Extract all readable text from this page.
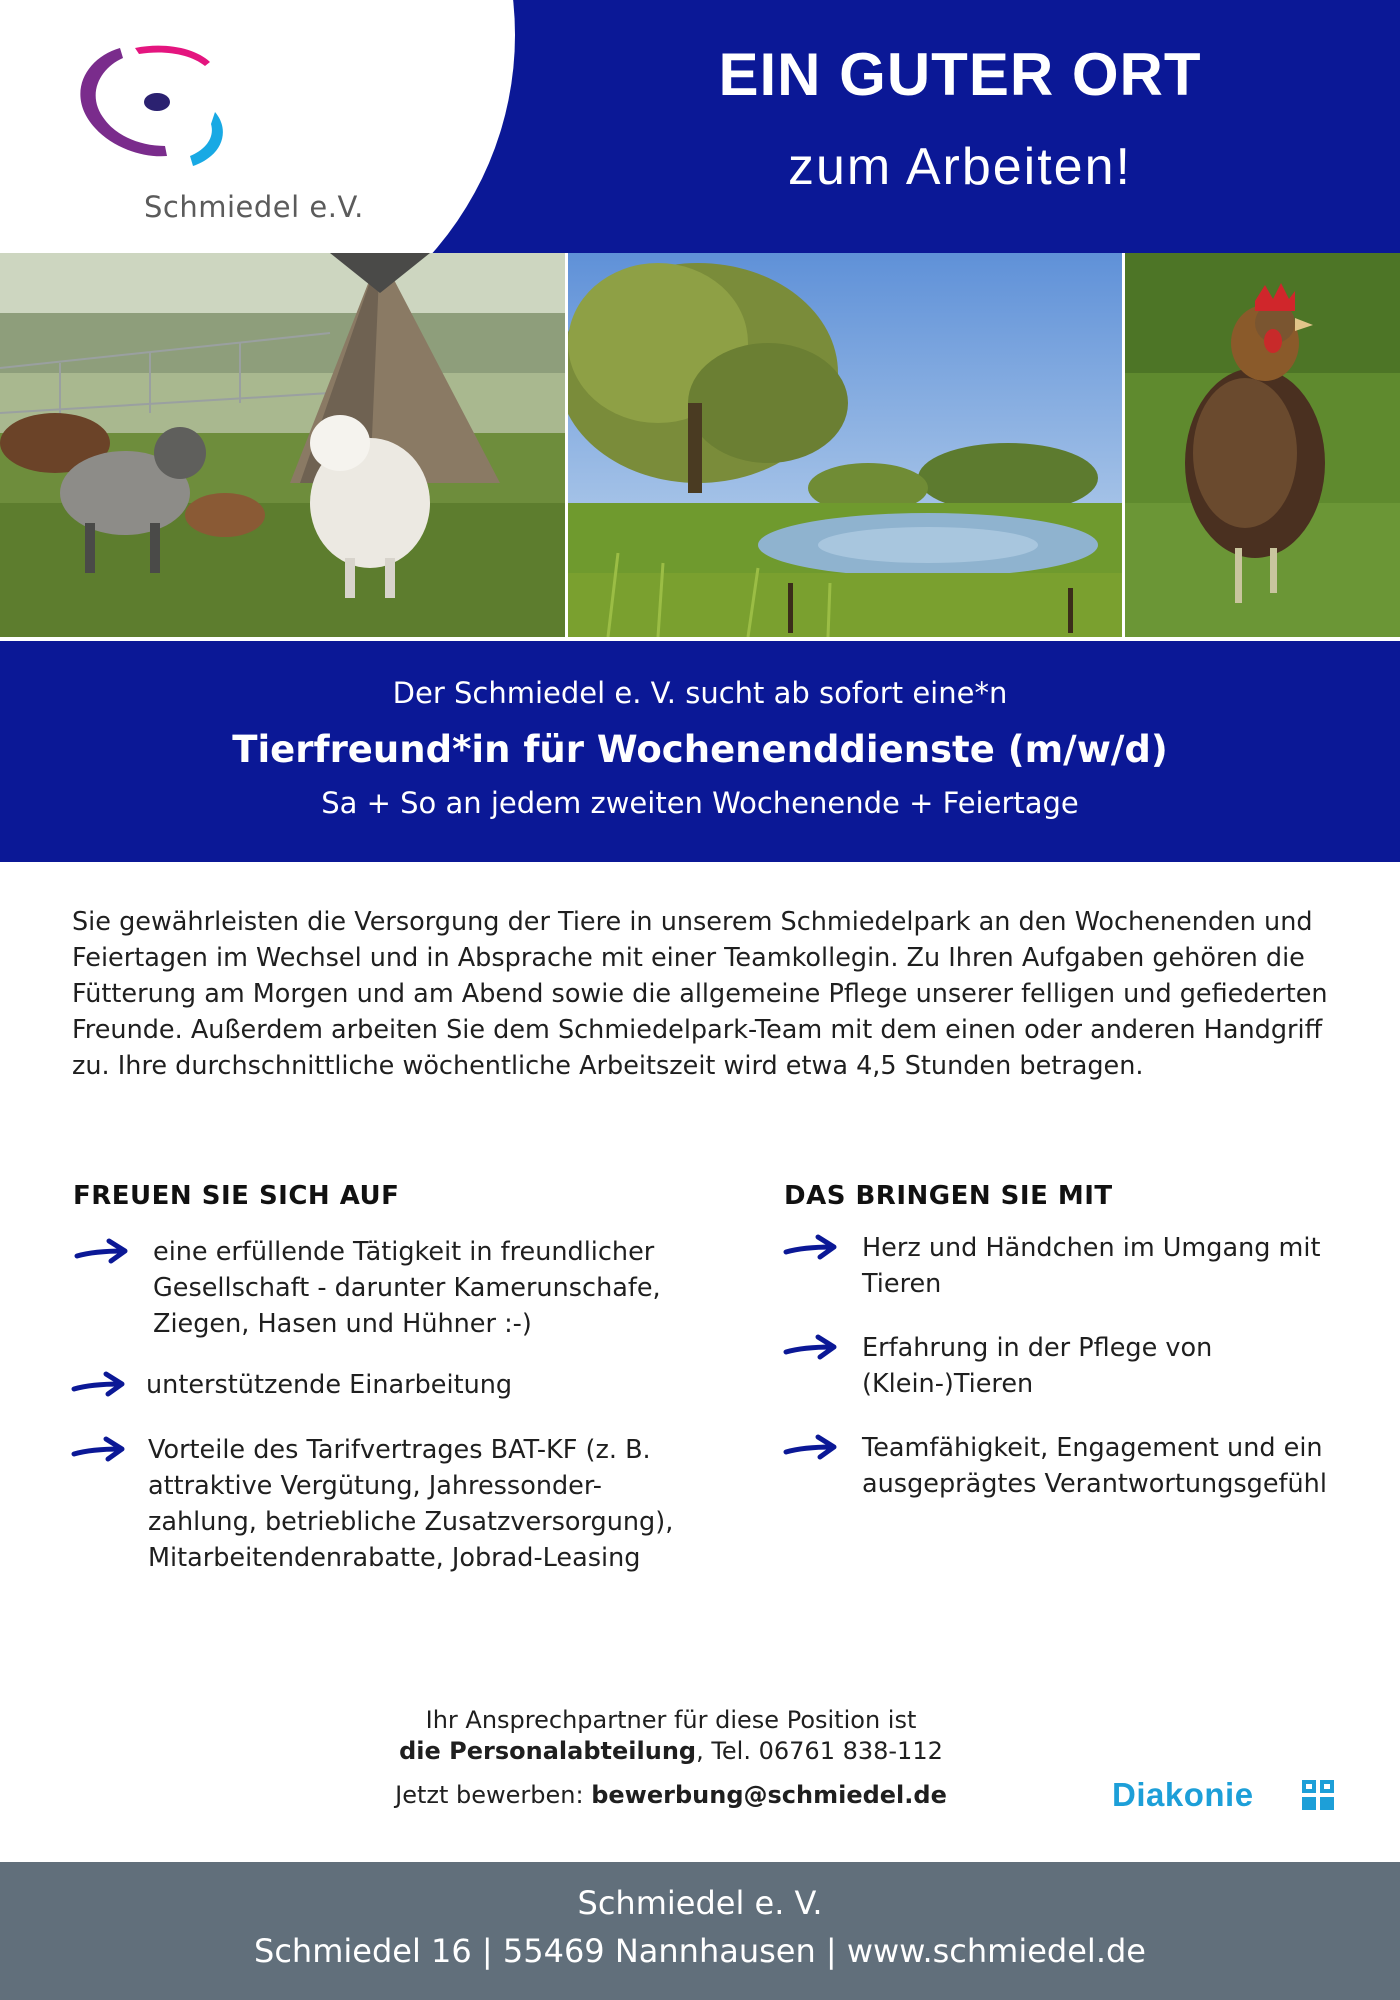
Schmiedel e.V.
EIN GUTER ORT
zum Arbeiten!
Der Schmiedel e. V. sucht ab sofort eine*n
Tierfreund*in für Wochenenddienste (m/w/d)
Sa + So an jedem zweiten Wochenende + Feiertage
Sie gewährleisten die Versorgung der Tiere in unserem Schmiedelpark an den Wochenenden und Feiertagen im Wechsel und in Absprache mit einer Teamkollegin. Zu Ihren Aufgaben gehören die Fütterung am Morgen und am Abend sowie die allgemeine Pflege unserer felligen und gefiederten Freunde. Außerdem arbeiten Sie dem Schmiedelpark-Team mit dem einen oder anderen Handgriff zu. Ihre durchschnittliche wöchentliche Arbeitszeit wird etwa 4,5 Stunden betragen.
FREUEN SIE SICH AUF
eine erfüllende Tätigkeit in freundlicher Gesellschaft - darunter Kamerunschafe, Ziegen, Hasen und Hühner :-)
unterstützende Einarbeitung
Vorteile des Tarifvertrages BAT-KF (z. B. attraktive Vergütung, Jahressonder-zahlung, betriebliche Zusatzversorgung), Mitarbeitendenrabatte, Jobrad-Leasing
DAS BRINGEN SIE MIT
Herz und Händchen im Umgang mit Tieren
Erfahrung in der Pflege von (Klein-)Tieren
Teamfähigkeit, Engagement und ein ausgeprägtes Verantwortungsgefühl
Ihr Ansprechpartner für diese Position ist
die Personalabteilung, Tel. 06761 838-112
Jetzt bewerben: bewerbung@schmiedel.de	Diakonie
Schmiedel e. V.
Schmiedel 16 | 55469 Nannhausen | www.schmiedel.de
